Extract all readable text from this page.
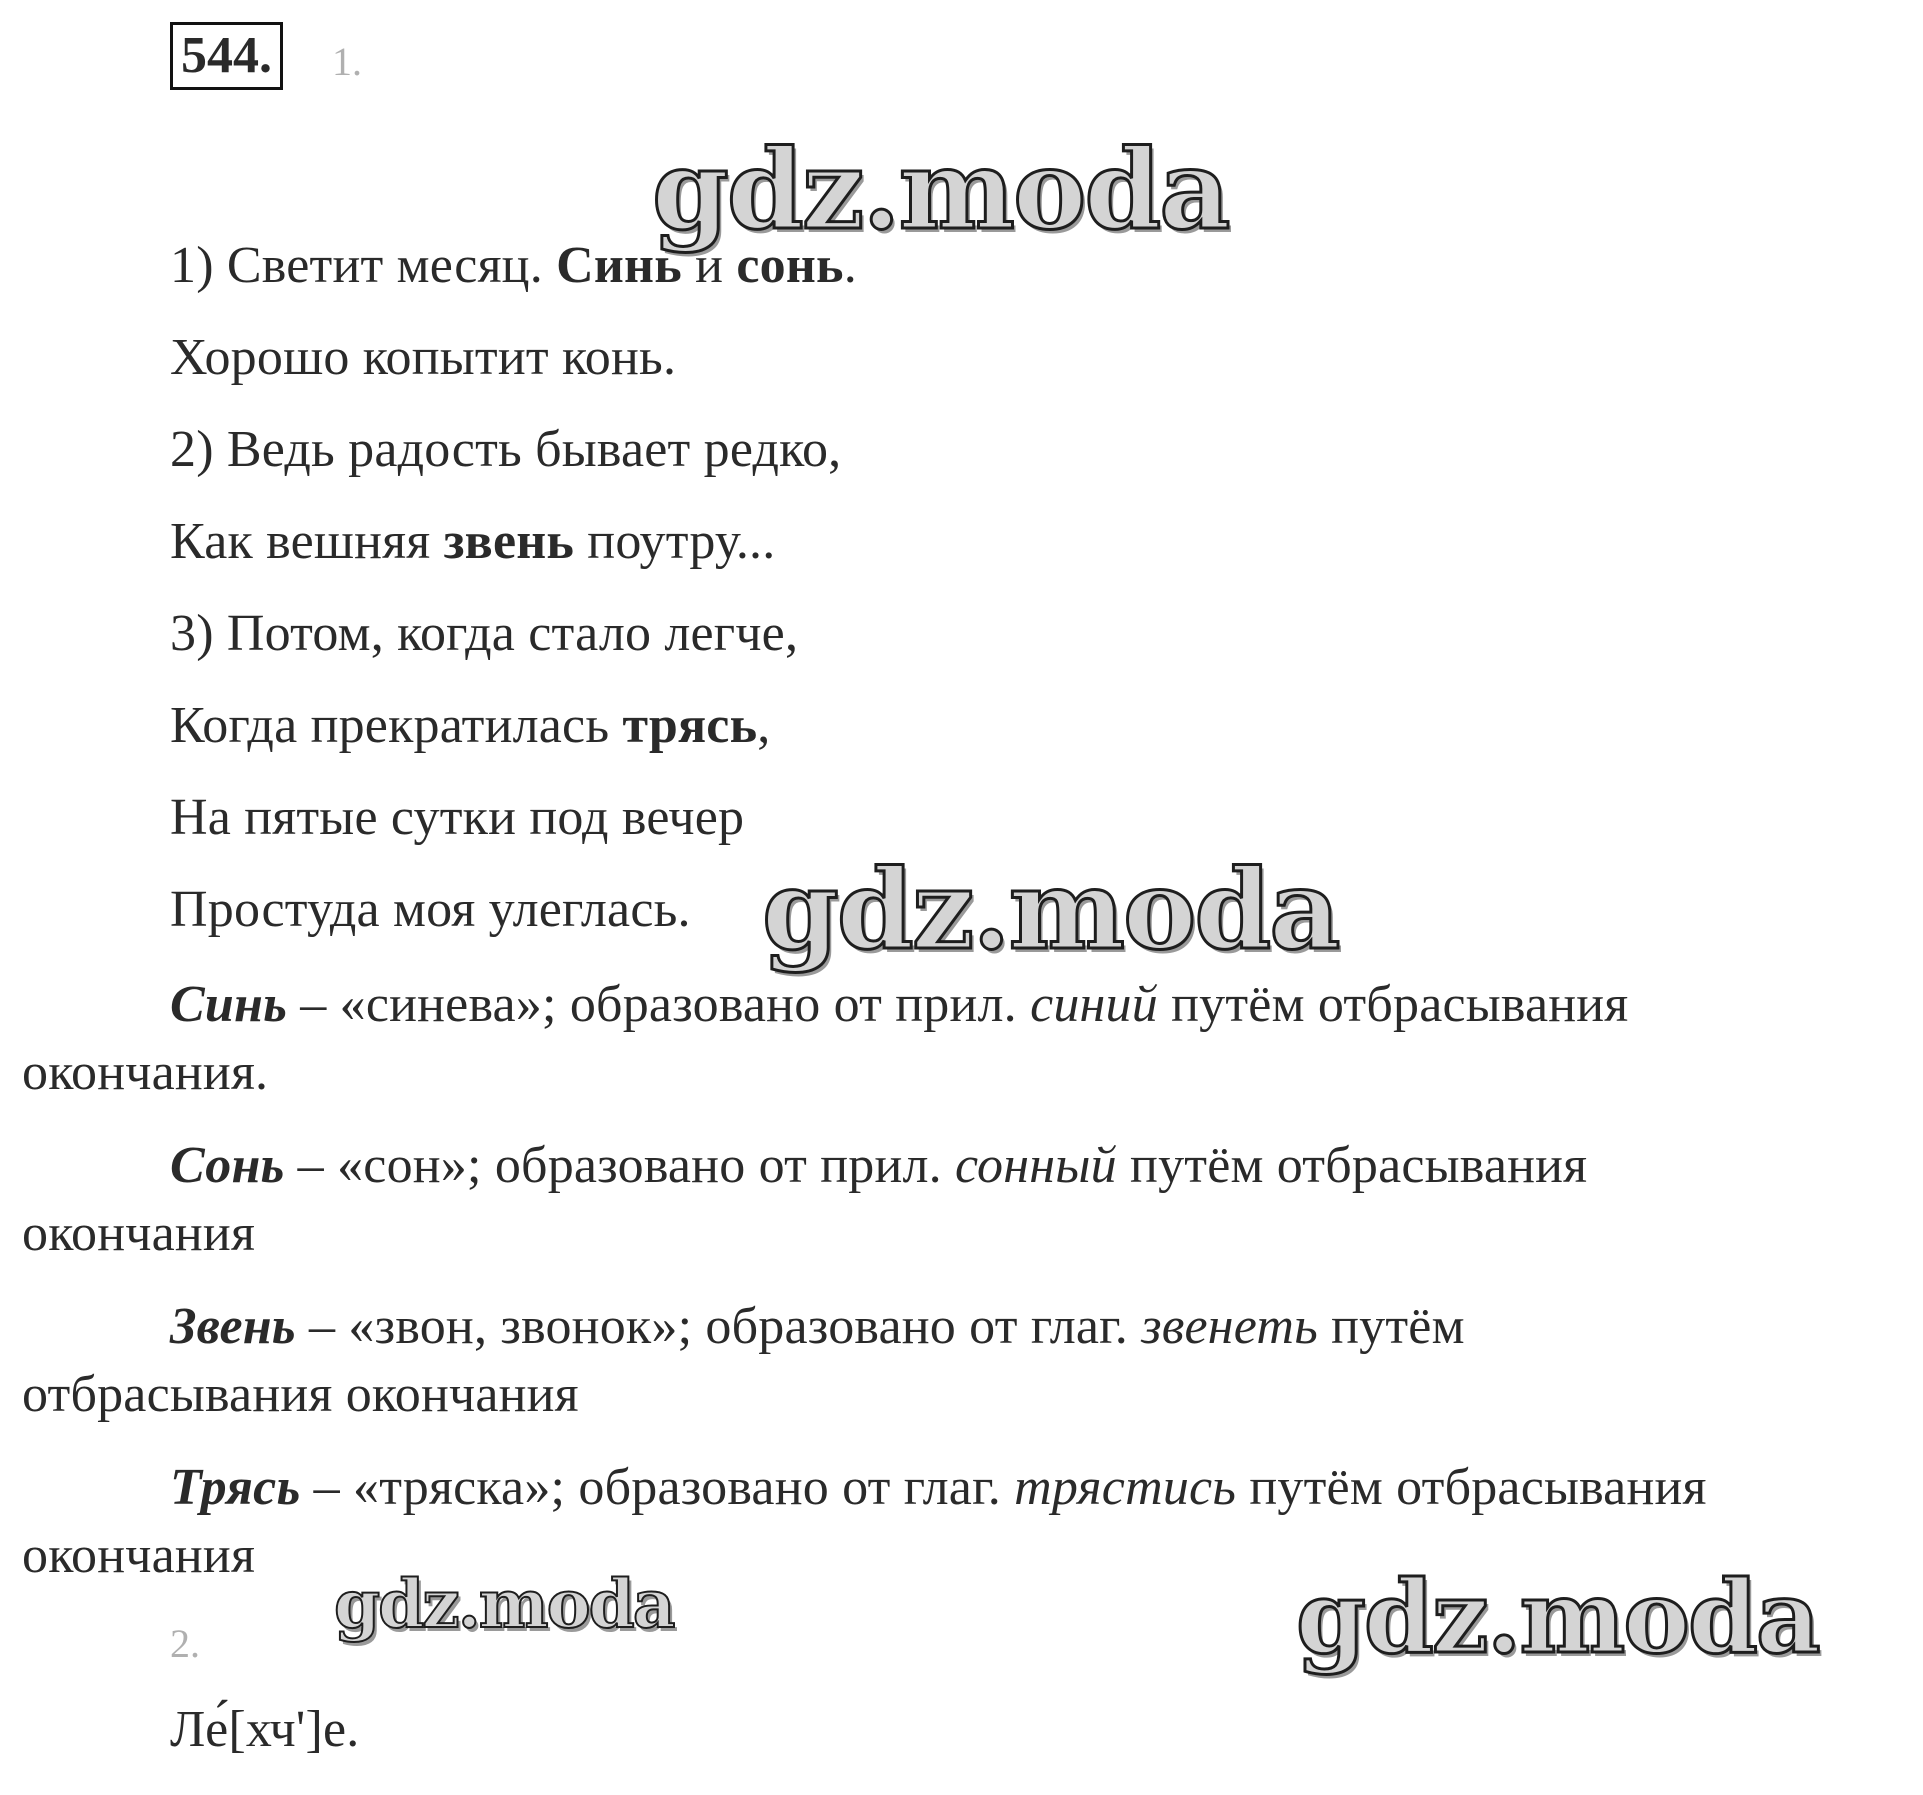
544. 1.
gdz.moda
1) Светит месяц. Синь и сонь.
Хорошо копытит конь.
2) Ведь радость бывает редко,
Как вешняя звень поутру...
3) Потом, когда стало легче,
Когда прекратилась трясь,
На пятые сутки под вечер
Простуда моя улеглась. gdz.moda
Синь – «синева»; образовано от прил. синий путём отбрасывания
окончания.
Сонь – «сон»; образовано от прил. сонный путём отбрасывания
окончания
Звень – «звон, звонок»; образовано от глаг. звенеть путём
отбрасывания окончания
Трясь – «тряска»; образовано от глаг. трястись путём отбрасывания
окончания
gdz.moda	gdz.moda
2.
Ле́[хч']е.
